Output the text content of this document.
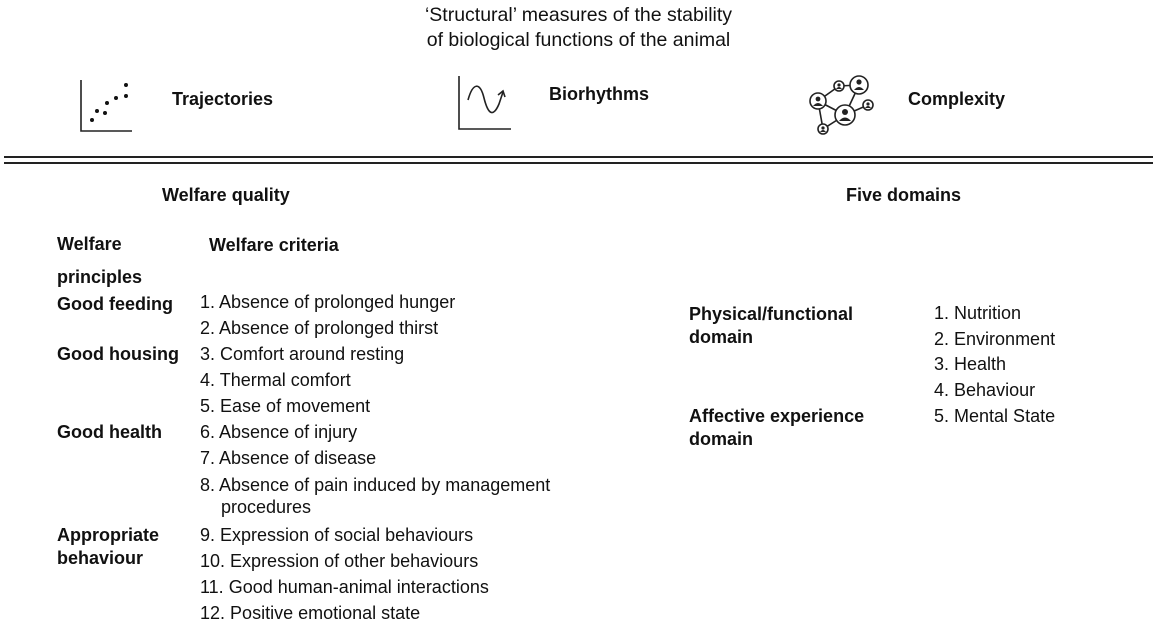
‘Structural’ measures of the stability
of biological functions of the animal
Trajectories	Biorhythms	Complexity
Welfare quality
Welfare
principles
Welfare criteria
Good feeding
Good housing
Good health
Appropriate
behaviour
1. Absence of prolonged hunger
2. Absence of prolonged thirst
3. Comfort around resting
4. Thermal comfort
5. Ease of movement
6. Absence of injury
7. Absence of disease
8. Absence of pain induced by management
procedures
9. Expression of social behaviours
10. Expression of other behaviours
11. Good human-animal interactions
12. Positive emotional state
Five domains
Physical/functional
domain
Affective experience
domain
1. Nutrition
2. Environment
3. Health
4. Behaviour
5. Mental State
